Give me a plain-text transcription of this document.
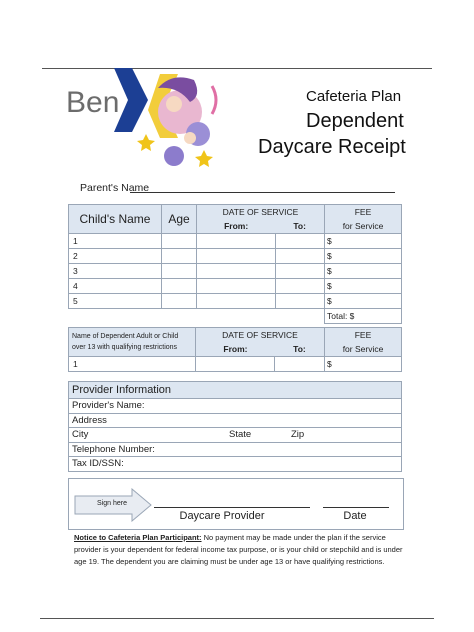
Ben	Cafeteria Plan
Dependent
Daycare Receipt
Parent's Name
Child's Name	Age	DATE OF SERVICE		FEE
		From:	To:	for Service
1				$
2				$
3				$
4				$
5				$
				Total: $
Name of Dependent Adult or Child
over 13 with qualifying restrictions	DATE OF SERVICE		FEE
	From:	To:	for Service
1			$
Provider Information
Provider's Name:
Address
City	State	Zip

Telephone Number:
Tax ID/SSN:
Sign here
Daycare Provider	Date
Notice to Cafeteria Plan Participant: No payment may be made under the plan if the service provider is your dependent for federal income tax purpose, or is your child or stepchild and is under age 19. The dependent you are claiming must be under age 13 or have qualifying restrictions.
